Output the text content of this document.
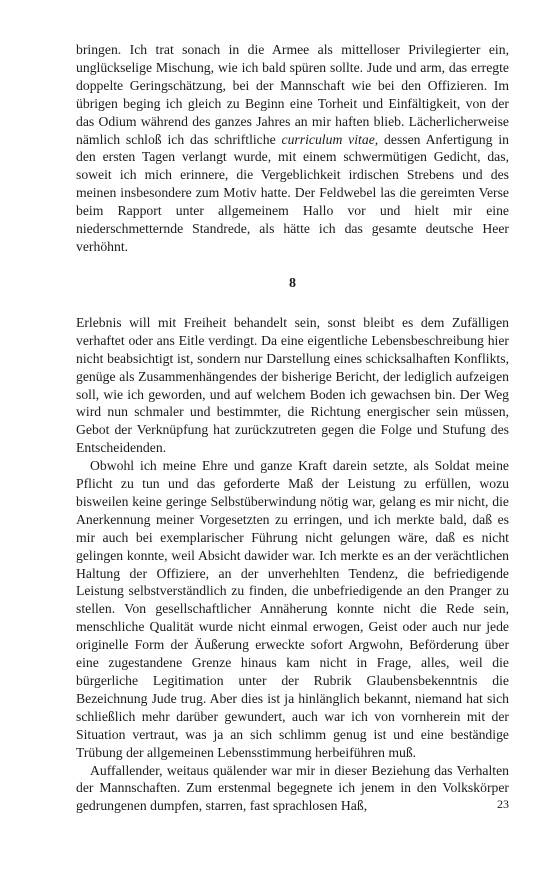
bringen. Ich trat sonach in die Armee als mittelloser Privilegierter ein, unglückselige Mischung, wie ich bald spüren sollte. Jude und arm, das erregte doppelte Geringschätzung, bei der Mannschaft wie bei den Offizieren. Im übrigen beging ich gleich zu Beginn eine Torheit und Einfältigkeit, von der das Odium während des ganzes Jahres an mir haften blieb. Lächerlicherweise nämlich schloß ich das schriftliche curriculum vitae, dessen Anfertigung in den ersten Tagen verlangt wurde, mit einem schwermütigen Gedicht, das, soweit ich mich erinnere, die Vergeblichkeit irdischen Strebens und des meinen insbesondere zum Motiv hatte. Der Feldwebel las die gereimten Verse beim Rapport unter allgemeinem Hallo vor und hielt mir eine niederschmetternde Standrede, als hätte ich das gesamte deutsche Heer verhöhnt.

8

Erlebnis will mit Freiheit behandelt sein, sonst bleibt es dem Zufälligen verhaftet oder ans Eitle verdingt. Da eine eigentliche Lebensbeschreibung hier nicht beabsichtigt ist, sondern nur Darstellung eines schicksalhaften Konflikts, genüge als Zusammenhängendes der bisherige Bericht, der lediglich aufzeigen soll, wie ich geworden, und auf welchem Boden ich gewachsen bin. Der Weg wird nun schmaler und bestimmter, die Richtung energischer sein müssen, Gebot der Verknüpfung hat zurückzutreten gegen die Folge und Stufung des Entscheidenden.

Obwohl ich meine Ehre und ganze Kraft darein setzte, als Soldat meine Pflicht zu tun und das geforderte Maß der Leistung zu erfüllen, wozu bisweilen keine geringe Selbstüberwindung nötig war, gelang es mir nicht, die Anerkennung meiner Vorgesetzten zu erringen, und ich merkte bald, daß es mir auch bei exemplarischer Führung nicht gelungen wäre, daß es nicht gelingen konnte, weil Absicht dawider war. Ich merkte es an der verächtlichen Haltung der Offiziere, an der unverhehlten Tendenz, die befriedigende Leistung selbstverständlich zu finden, die unbefriedigende an den Pranger zu stellen. Von gesellschaftlicher Annäherung konnte nicht die Rede sein, menschliche Qualität wurde nicht einmal erwogen, Geist oder auch nur jede originelle Form der Äußerung erweckte sofort Argwohn, Beförderung über eine zugestandene Grenze hinaus kam nicht in Frage, alles, weil die bürgerliche Legitimation unter der Rubrik Glaubensbekenntnis die Bezeichnung Jude trug. Aber dies ist ja hinlänglich bekannt, niemand hat sich schließlich mehr darüber gewundert, auch war ich von vornherein mit der Situation vertraut, was ja an sich schlimm genug ist und eine beständige Trübung der allgemeinen Lebensstimmung herbeiführen muß.

Auffallender, weitaus quälender war mir in dieser Beziehung das Verhalten der Mannschaften. Zum erstenmal begegnete ich jenem in den Volkskörper gedrungenen dumpfen, starren, fast sprachlosen Haß,	23
